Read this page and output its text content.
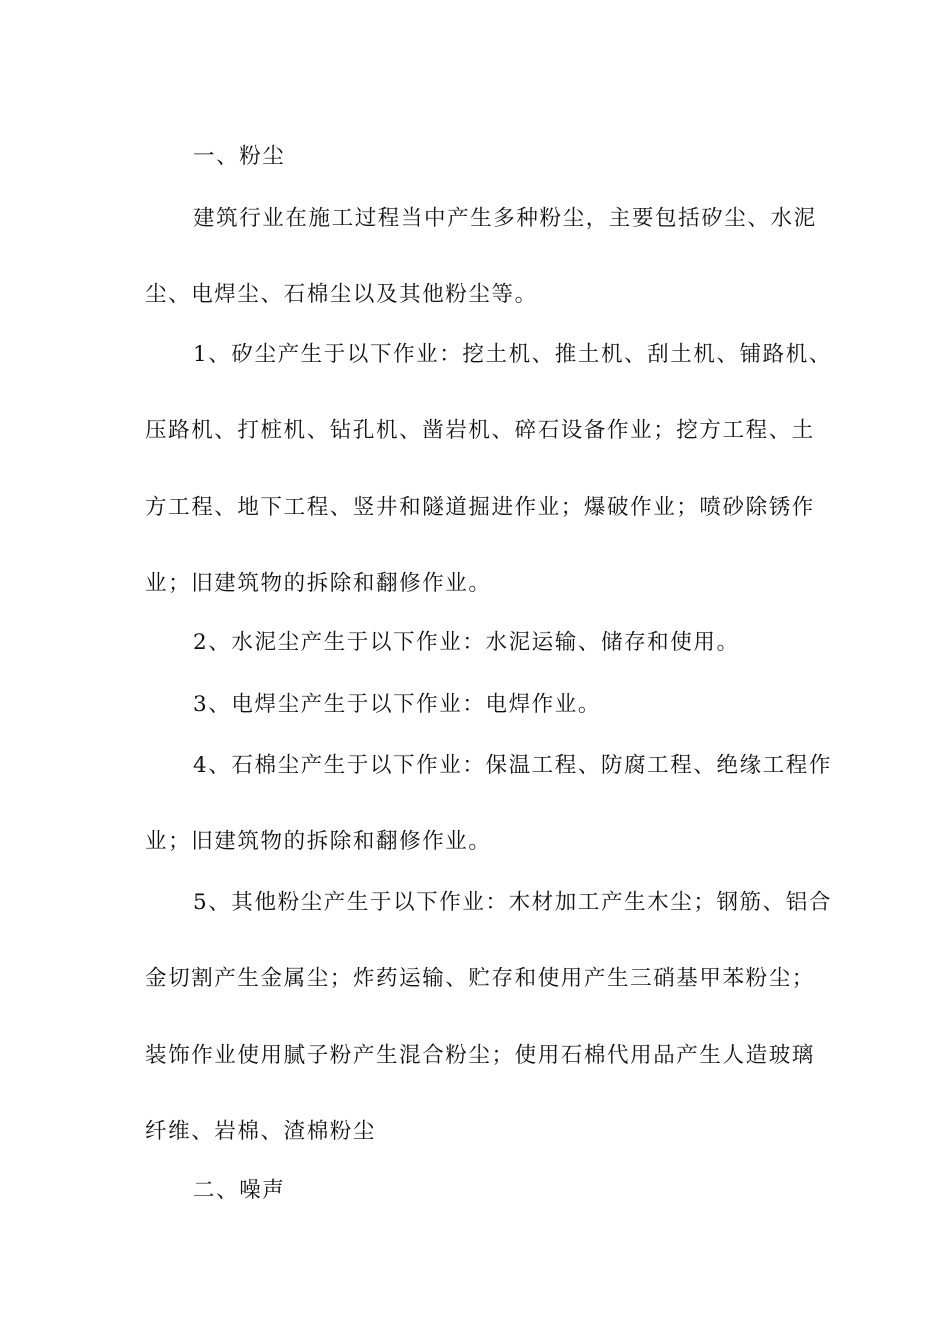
一、粉尘
建筑行业在施工过程当中产生多种粉尘，主要包括矽尘、水泥
尘、电焊尘、石棉尘以及其他粉尘等。
1、矽尘产生于以下作业：挖土机、推土机、刮土机、铺路机、
压路机、打桩机、钻孔机、凿岩机、碎石设备作业；挖方工程、土
方工程、地下工程、竖井和隧道掘进作业；爆破作业；喷砂除锈作
业；旧建筑物的拆除和翻修作业。
2、水泥尘产生于以下作业：水泥运输、储存和使用。
3、电焊尘产生于以下作业：电焊作业。
4、石棉尘产生于以下作业：保温工程、防腐工程、绝缘工程作
业；旧建筑物的拆除和翻修作业。
5、其他粉尘产生于以下作业：木材加工产生木尘；钢筋、铝合
金切割产生金属尘；炸药运输、贮存和使用产生三硝基甲苯粉尘；
装饰作业使用腻子粉产生混合粉尘；使用石棉代用品产生人造玻璃
纤维、岩棉、渣棉粉尘
二、噪声
